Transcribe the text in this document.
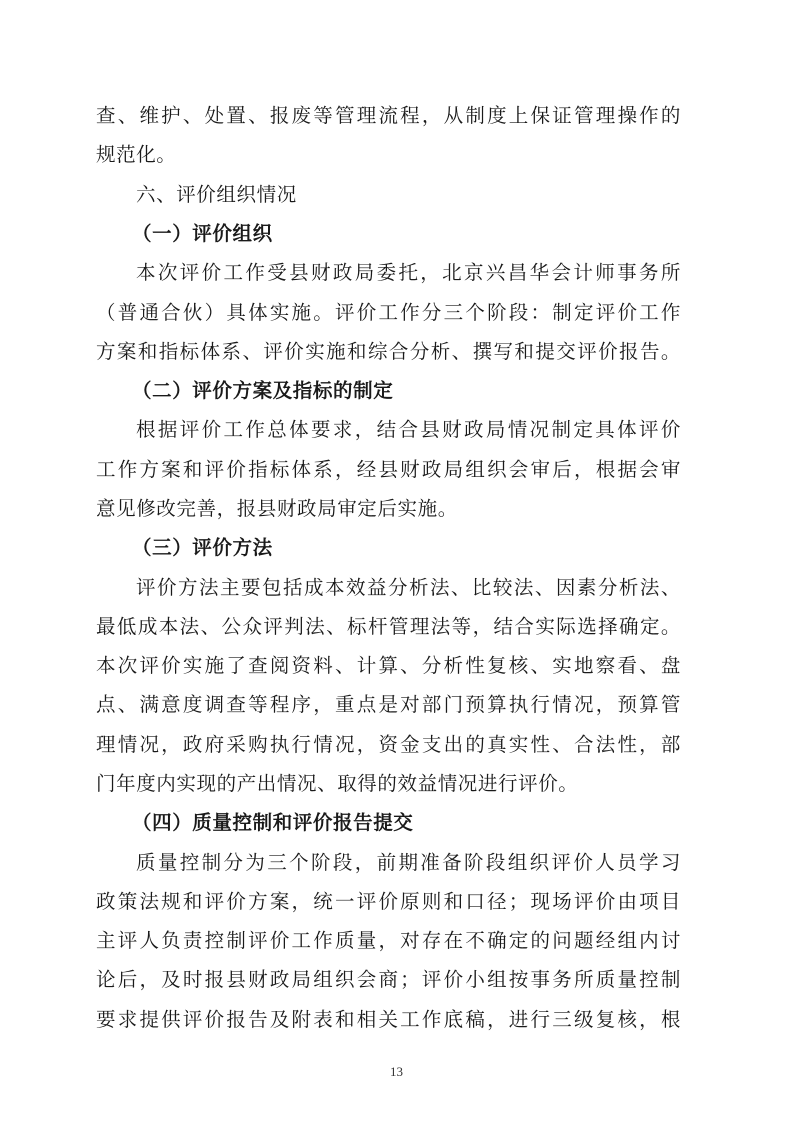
查、维护、处置、报废等管理流程，从制度上保证管理操作的
规范化。
六、评价组织情况
（一）评价组织
本次评价工作受县财政局委托，北京兴昌华会计师事务所
（普通合伙）具体实施。评价工作分三个阶段：制定评价工作
方案和指标体系、评价实施和综合分析、撰写和提交评价报告。
（二）评价方案及指标的制定
根据评价工作总体要求，结合县财政局情况制定具体评价
工作方案和评价指标体系，经县财政局组织会审后，根据会审
意见修改完善，报县财政局审定后实施。
（三）评价方法
评价方法主要包括成本效益分析法、比较法、因素分析法、
最低成本法、公众评判法、标杆管理法等，结合实际选择确定。
本次评价实施了查阅资料、计算、分析性复核、实地察看、盘
点、满意度调查等程序，重点是对部门预算执行情况，预算管
理情况，政府采购执行情况，资金支出的真实性、合法性，部
门年度内实现的产出情况、取得的效益情况进行评价。
（四）质量控制和评价报告提交
质量控制分为三个阶段，前期准备阶段组织评价人员学习
政策法规和评价方案，统一评价原则和口径；现场评价由项目
主评人负责控制评价工作质量，对存在不确定的问题经组内讨
论后，及时报县财政局组织会商；评价小组按事务所质量控制
要求提供评价报告及附表和相关工作底稿，进行三级复核，根
13
